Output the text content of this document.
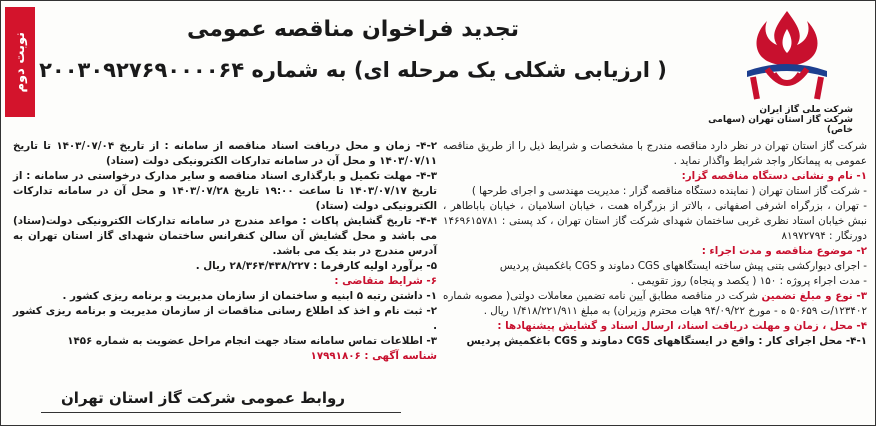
نوبت دوم
تجدید فراخوان مناقصه عمومی
( ارزیابی شکلی یک مرحله ای) به شماره ۲۰۰۳۰۹۲۷۶۹۰۰۰۰۶۴
شرکت ملی گاز ایران
شرکت گاز استان تهران (سهامی خاص)

شرکت گاز استان تهران در نظر دارد مناقصه مندرج با مشخصات و شرایط ذیل را از طریق مناقصه عمومی به پیمانکار واجد شرایط واگذار نماید .

۱- نام و نشانی دستگاه مناقصه گزار:

- شرکت گاز استان تهران ( نماینده دستگاه مناقصه گزار : مدیریت مهندسی و اجرای طرحها )

- تهران ، بزرگراه اشرفی اصفهانی ، بالاتر از بزرگراه همت ، خیابان اسلامیان ، خیابان باباطاهر ، نبش خیابان استاد نظری غربی ساختمان شهدای شرکت گاز استان تهران ، کد پستی : ۱۴۶۹۶۱۵۷۸۱ دورنگار : ۸۱۹۷۲۷۹۴

۲- موضوع مناقصه و مدت اجراء :

- اجرای دیوارکشی بتنی پیش ساخته ایستگاههای CGS دماوند و CGS باغکمیش پردیس

- مدت اجراء پروژه : ۱۵۰ ( یکصد و پنجاه) روز تقویمی .

۳- نوع و مبلغ تضمین شرکت در مناقصه مطابق آیین نامه تضمین معاملات دولتی( مصوبه شماره ۱۲۳۴۰۲/ت ۵۰۶۵۹ ه - مورخ ۹۴/۰۹/۲۲ هیات محترم وزیران) به مبلغ ۱/۴۱۸/۲۲۱/۹۱۱ ریال .

۴- محل ، زمان و مهلت دریافت اسناد، ارسال اسناد و گشایش پیشنهادها :

۴-۱- محل اجرای کار : واقع در ایستگاههای CGS دماوند و CGS باغکمیش پردیس

۴-۲- زمان و محل دریافت اسناد مناقصه از سامانه : از تاریخ ۱۴۰۳/۰۷/۰۴ تا تاریخ ۱۴۰۳/۰۷/۱۱ و محل آن در سامانه تدارکات الکترونیکی دولت (ستاد)

۴-۳- مهلت تکمیل و بارگذاری اسناد مناقصه و سایر مدارک درخواستی در سامانه : از تاریخ ۱۴۰۳/۰۷/۱۷ تا ساعت ۱۹:۰۰ تاریخ ۱۴۰۳/۰۷/۲۸ و محل آن در سامانه تدارکات الکترونیکی دولت (ستاد)

۴-۴- تاریخ گشایش پاکات : مواعد مندرج در سامانه تدارکات الکترونیکی دولت(ستاد) می باشد و محل گشایش آن سالن کنفرانس ساختمان شهدای گاز استان تهران به آدرس مندرج در بند یک می باشد.

۵- برآورد اولیه کارفرما : ۲۸/۳۶۴/۴۳۸/۲۲۷ ریال .

۶- شرایط متقاضی :

۱- داشتن رتبه ۵ ابنیه و ساختمان از سازمان مدیریت و برنامه ریزی کشور .

۲- ثبت نام و اخذ کد اطلاع رسانی مناقصات از سازمان مدیریت و برنامه ریزی کشور .

۳- اطلاعات تماس سامانه ستاد جهت انجام مراحل عضویت به شماره ۱۴۵۶

شناسه آگهی : ۱۷۹۹۱۸۰۶

روابط عمومی شرکت گاز استان تهران
